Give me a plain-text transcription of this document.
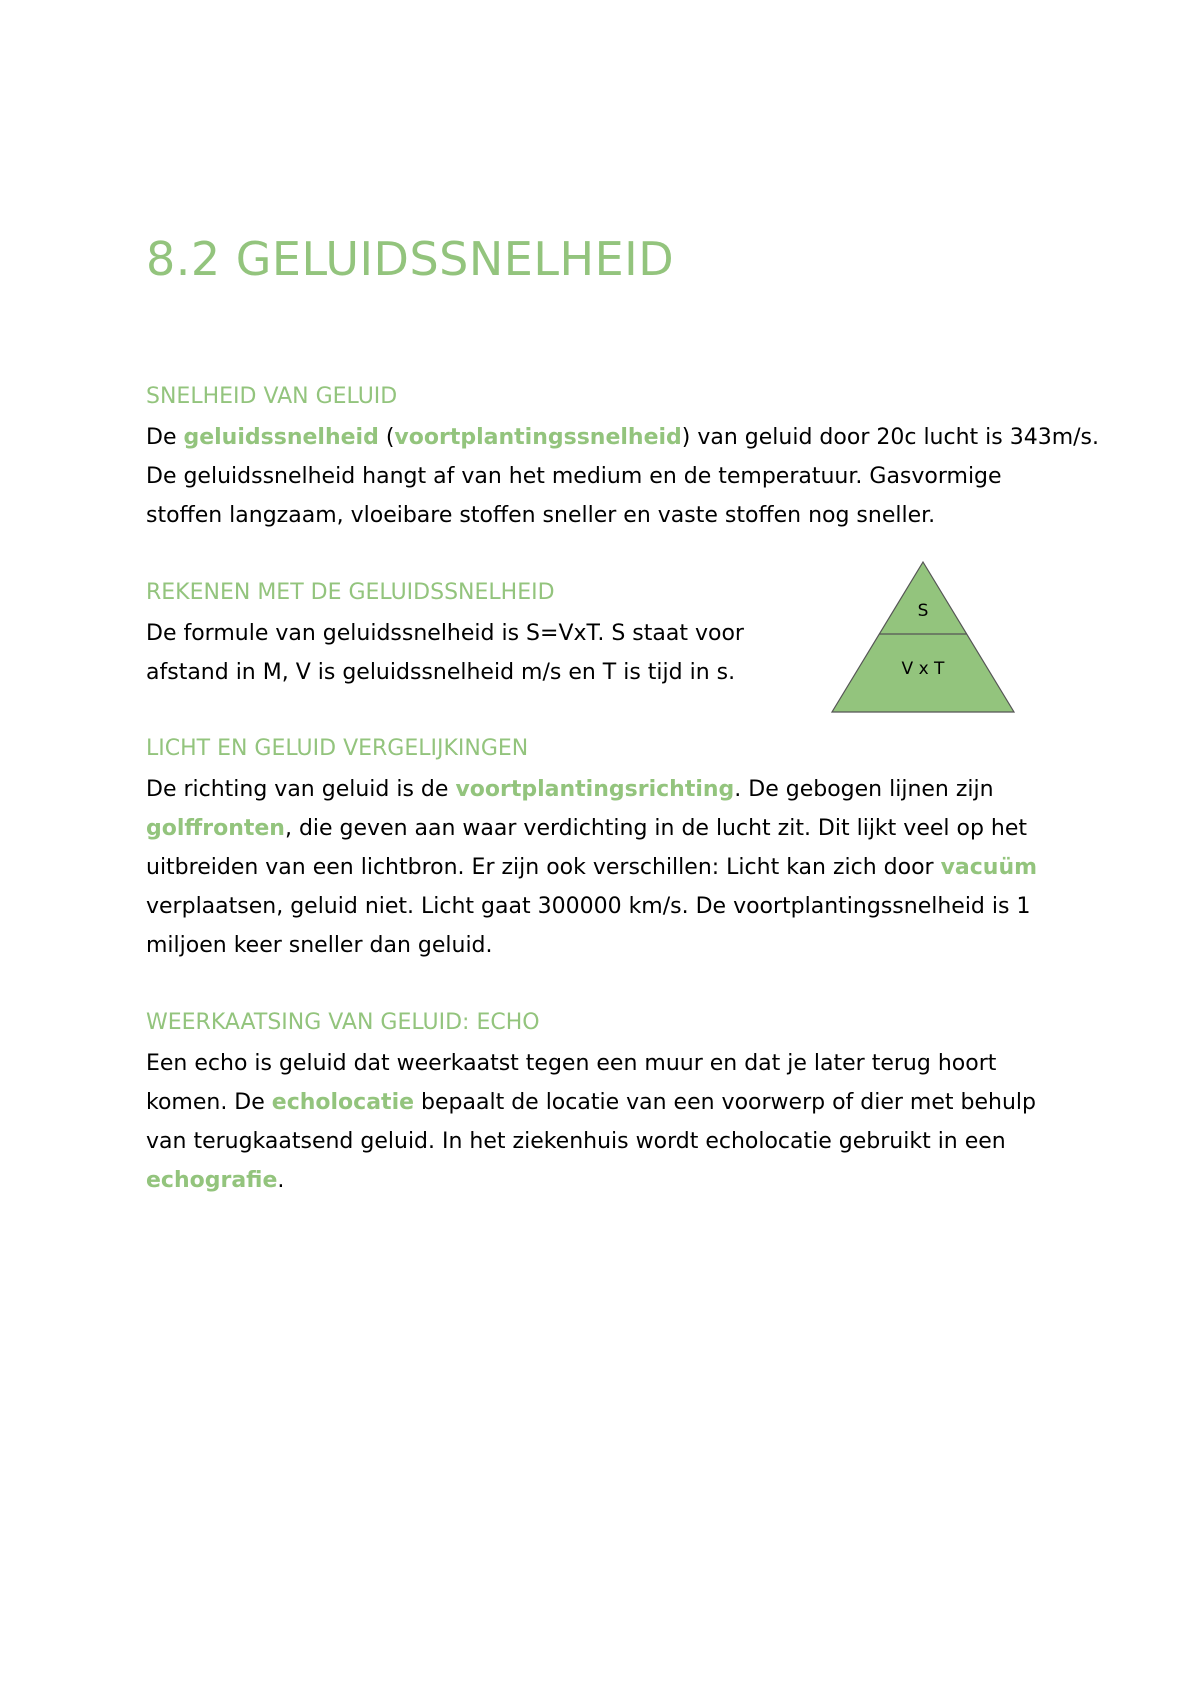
8.2 GELUIDSSNELHEID
SNELHEID VAN GELUID

De geluidssnelheid (voortplantingssnelheid) van geluid door 20c lucht is 343m/s.
De geluidssnelheid hangt af van het medium en de temperatuur. Gasvormige
stoffen langzaam, vloeibare stoffen sneller en vaste stoffen nog sneller.

REKENEN MET DE GELUIDSSNELHEID

De formule van geluidssnelheid is S=VxT. S staat voor
afstand in M, V is geluidssnelheid m/s en T is tijd in s.

S
V x T
LICHT EN GELUID VERGELIJKINGEN

De richting van geluid is de voortplantingsrichting. De gebogen lijnen zijn
golffronten, die geven aan waar verdichting in de lucht zit. Dit lijkt veel op het
uitbreiden van een lichtbron. Er zijn ook verschillen: Licht kan zich door vacuüm
verplaatsen, geluid niet. Licht gaat 300000 km/s. De voortplantingssnelheid is 1
miljoen keer sneller dan geluid.

WEERKAATSING VAN GELUID: ECHO

Een echo is geluid dat weerkaatst tegen een muur en dat je later terug hoort
komen. De echolocatie bepaalt de locatie van een voorwerp of dier met behulp
van terugkaatsend geluid. In het ziekenhuis wordt echolocatie gebruikt in een
echografie.
